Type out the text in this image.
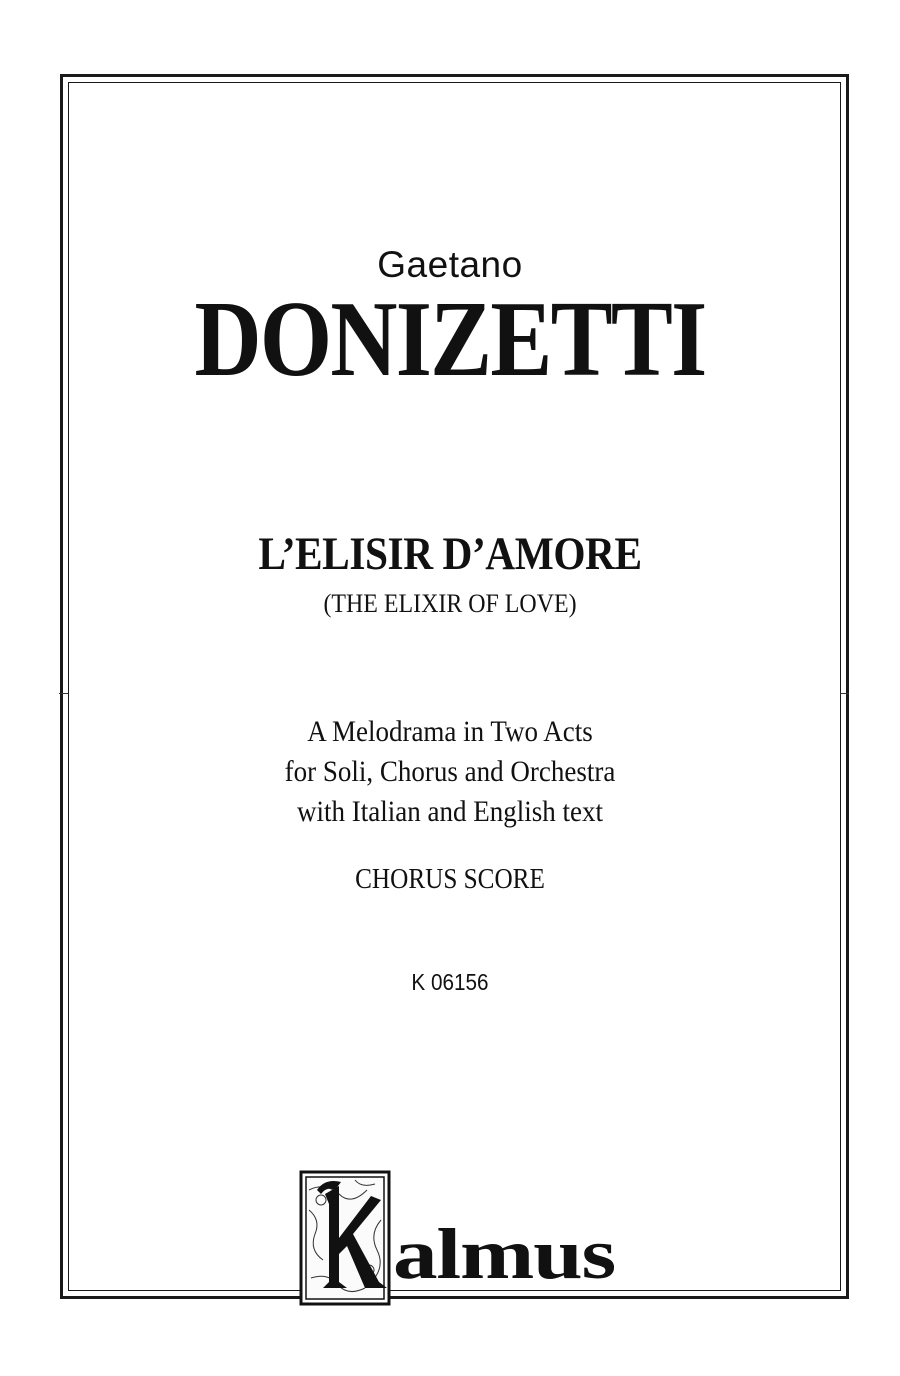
Gaetano
DONIZETTI
L’ELISIR D’AMORE
(THE ELIXIR OF LOVE)
A Melodrama in Two Acts
for Soli, Chorus and Orchestra
with Italian and English text
CHORUS SCORE
K 06156
almus
